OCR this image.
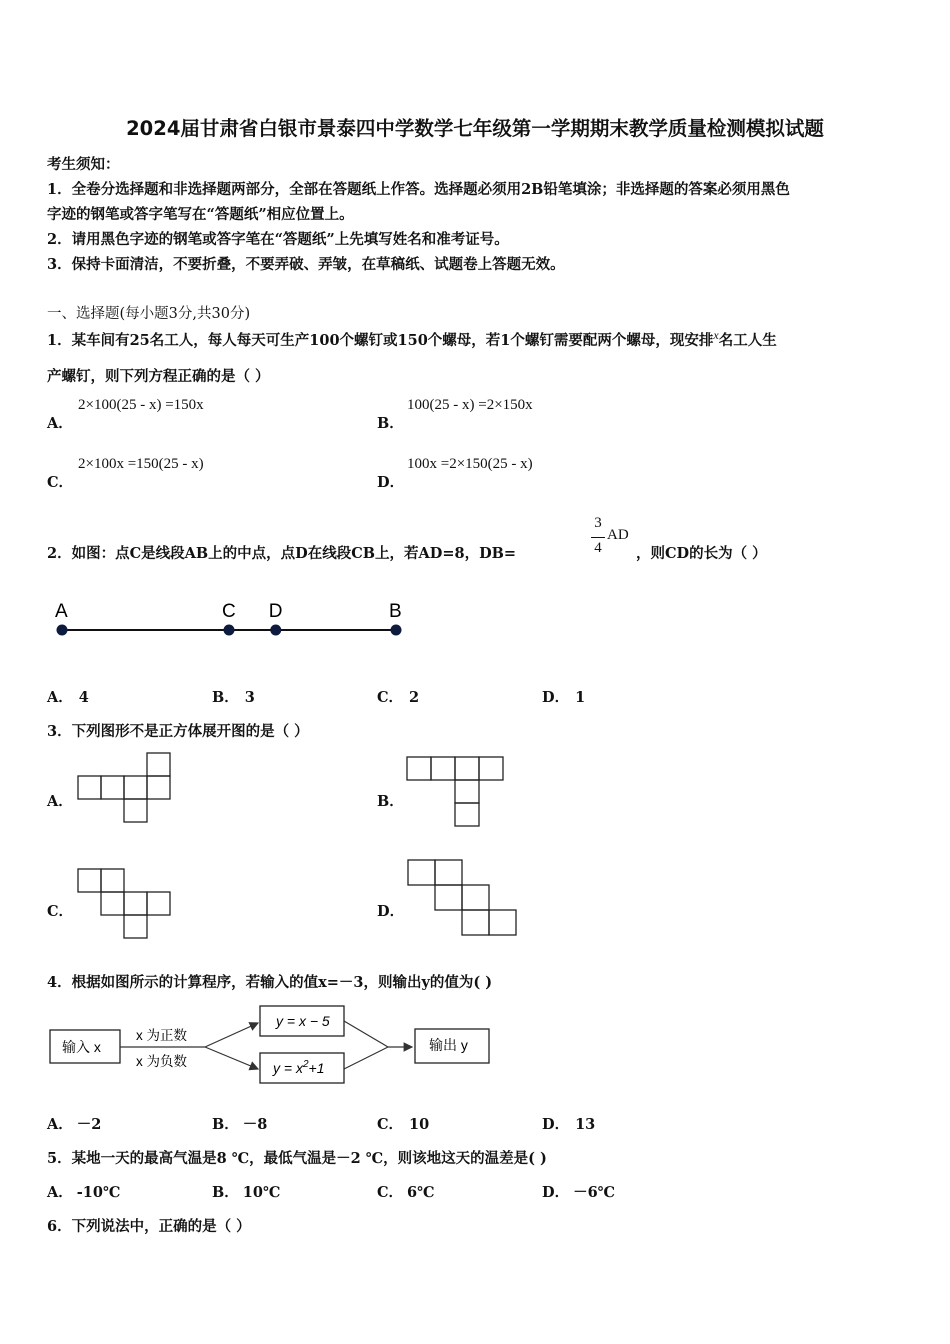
2024届甘肃省白银市景泰四中学数学七年级第一学期期末教学质量检测模拟试题
考生须知：
1．全卷分选择题和非选择题两部分，全部在答题纸上作答。选择题必须用2B铅笔填涂；非选择题的答案必须用黑色
字迹的钢笔或答字笔写在“答题纸”相应位置上。
2．请用黑色字迹的钢笔或答字笔在“答题纸”上先填写姓名和准考证号。
3．保持卡面清洁，不要折叠，不要弄破、弄皱，在草稿纸、试题卷上答题无效。
一、选择题(每小题3分,共30分)
1．某车间有25名工人，每人每天可生产100个螺钉或150个螺母，若1个螺钉需要配两个螺母，现安排$^x$名工人生
产螺钉，则下列方程正确的是（ ）
A．
2×100(25 - x) =150x
B．
100(25 - x) =2×150x
C．
2×100x =150(25 - x)
D．
100x =2×150(25 - x)
2．如图：点C是线段AB上的中点，点D在线段CB上，若AD=8，DB=
3
4
AD
，则CD的长为（ ）
A	C D	B
A． 4	B． 3	C． 2	D． 1
3．下列图形不是正方体展开图的是（ ）
A．	B．
C．	D．
4．根据如图所示的计算程序，若输入的值x=－3，则输出y的值为( )
输入 x
x 为正数
x 为负数
y = x − 5
$y = x^2+1$
输出 y
A． －2	B． －8	C． 10	D． 13
5．某地一天的最高气温是8 ℃，最低气温是－2 ℃，则该地这天的温差是( )
A． -10℃	B． 10℃	C． 6℃	D． －6℃
6．下列说法中，正确的是（ ）
